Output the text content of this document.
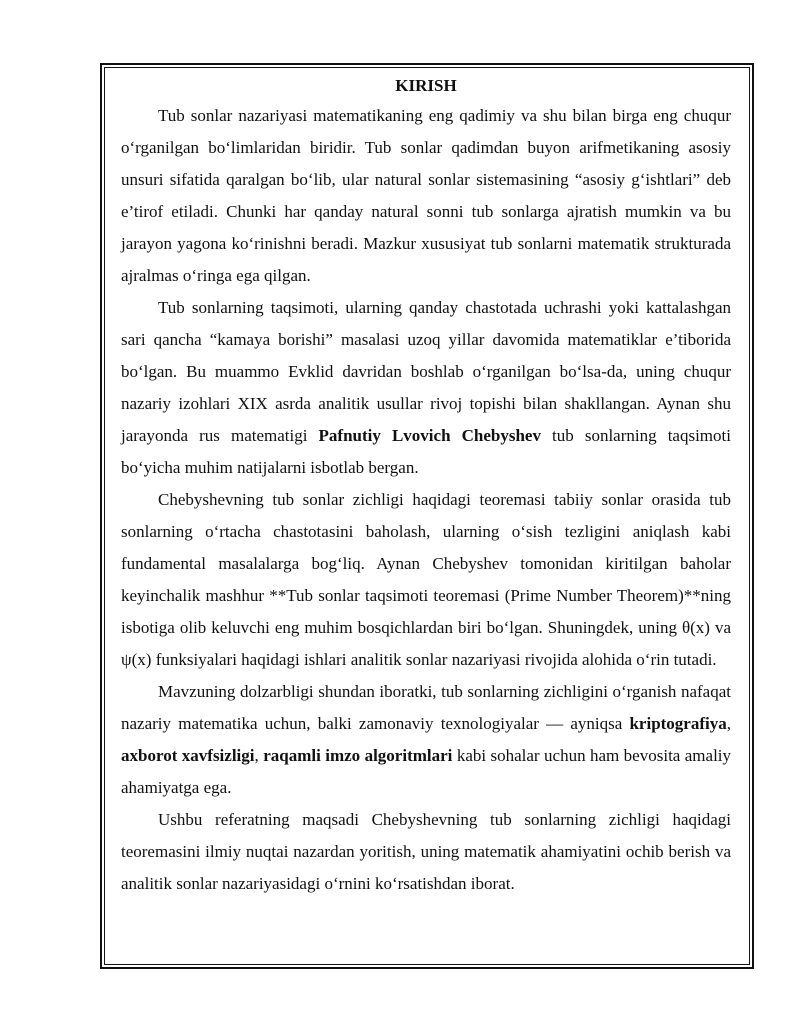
KIRISH

Tub sonlar nazariyasi matematikaning eng qadimiy va shu bilan birga eng chuqur o‘rganilgan bo‘limlaridan biridir. Tub sonlar qadimdan buyon arifmetikaning asosiy unsuri sifatida qaralgan bo‘lib, ular natural sonlar sistemasining “asosiy g‘ishtlari” deb e’tirof etiladi. Chunki har qanday natural sonni tub sonlarga ajratish mumkin va bu jarayon yagona ko‘rinishni beradi. Mazkur xususiyat tub sonlarni matematik strukturada ajralmas o‘ringa ega qilgan.

Tub sonlarning taqsimoti, ularning qanday chastotada uchrashi yoki kattalashgan sari qancha “kamaya borishi” masalasi uzoq yillar davomida matematiklar e’tiborida bo‘lgan. Bu muammo Evklid davridan boshlab o‘rganilgan bo‘lsa-da, uning chuqur nazariy izohlari XIX asrda analitik usullar rivoj topishi bilan shakllangan. Aynan shu jarayonda rus matematigi Pafnutiy Lvovich Chebyshev tub sonlarning taqsimoti bo‘yicha muhim natijalarni isbotlab bergan.

Chebyshevning tub sonlar zichligi haqidagi teoremasi tabiiy sonlar orasida tub sonlarning o‘rtacha chastotasini baholash, ularning o‘sish tezligini aniqlash kabi fundamental masalalarga bog‘liq. Aynan Chebyshev tomonidan kiritilgan baholar keyinchalik mashhur **Tub sonlar taqsimoti teoremasi (Prime Number Theorem)**ning isbotiga olib keluvchi eng muhim bosqichlardan biri bo‘lgan. Shuningdek, uning θ(x) va ψ(x) funksiyalari haqidagi ishlari analitik sonlar nazariyasi rivojida alohida o‘rin tutadi.

Mavzuning dolzarbligi shundan iboratki, tub sonlarning zichligini o‘rganish nafaqat nazariy matematika uchun, balki zamonaviy texnologiyalar — ayniqsa kriptografiya, axborot xavfsizligi, raqamli imzo algoritmlari kabi sohalar uchun ham bevosita amaliy ahamiyatga ega.

Ushbu referatning maqsadi Chebyshevning tub sonlarning zichligi haqidagi teoremasini ilmiy nuqtai nazardan yoritish, uning matematik ahamiyatini ochib berish va analitik sonlar nazariyasidagi o‘rnini ko‘rsatishdan iborat.
